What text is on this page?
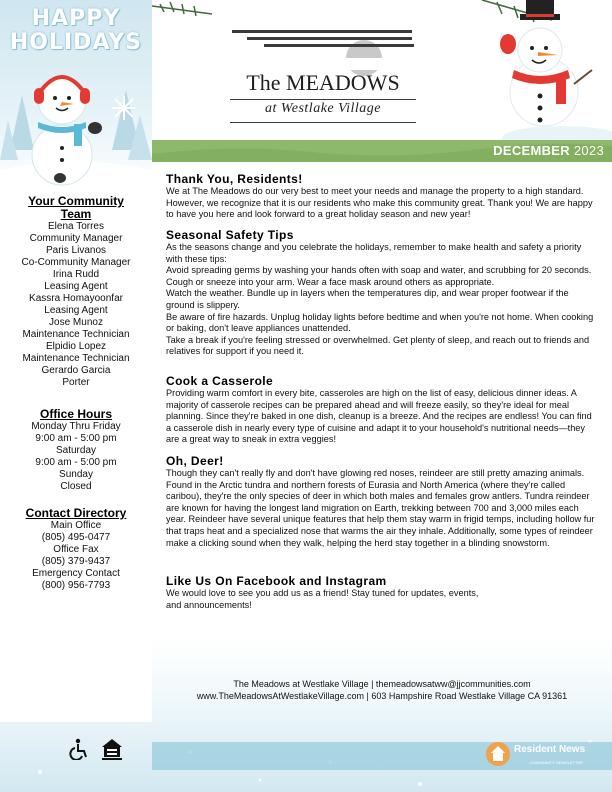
HAPPY
HOLIDAYS
Your Community
Team
Elena Torres
Community Manager
Paris Livanos
Co-Community Manager
Irina Rudd
Leasing Agent
Kassra Homayoonfar
Leasing Agent
Jose Munoz
Maintenance Technician
Elpidio Lopez
Maintenance Technician
Gerardo Garcia
Porter
Office Hours
Monday Thru Friday
9:00 am - 5:00 pm
Saturday
9:00 am - 5:00 pm
Sunday
Closed
Contact Directory
Main Office
(805) 495-0477
Office Fax
(805) 379-9437
Emergency Contact
(800) 956-7793
The MEADOWS
at Westlake Village
DECEMBER 2023
Thank You, Residents!

We at The Meadows do our very best to meet your needs and manage the property to a high standard. However, we recognize that it is our residents who make this community great. Thank you! We are happy to have you here and look forward to a great holiday season and new year!

Seasonal Safety Tips

As the seasons change and you celebrate the holidays, remember to make health and safety a priority with these tips:

Avoid spreading germs by washing your hands often with soap and water, and scrubbing for 20 seconds. Cough or sneeze into your arm. Wear a face mask around others as appropriate.

Watch the weather. Bundle up in layers when the temperatures dip, and wear proper footwear if the ground is slippery.

Be aware of fire hazards. Unplug holiday lights before bedtime and when you're not home. When cooking or baking, don't leave appliances unattended.

Take a break if you're feeling stressed or overwhelmed. Get plenty of sleep, and reach out to friends and relatives for support if you need it.

Cook a Casserole

Providing warm comfort in every bite, casseroles are high on the list of easy, delicious dinner ideas. A majority of casserole recipes can be prepared ahead and will freeze easily, so they're ideal for meal planning. Since they're baked in one dish, cleanup is a breeze. And the recipes are endless! You can find a casserole dish in nearly every type of cuisine and adapt it to your household's nutritional needs—they are a great way to sneak in extra veggies!

Oh, Deer!

Though they can't really fly and don't have glowing red noses, reindeer are still pretty amazing animals. Found in the Arctic tundra and northern forests of Eurasia and North America (where they're called caribou), they're the only species of deer in which both males and females grow antlers. Tundra reindeer are known for having the longest land migration on Earth, trekking between 700 and 3,000 miles each year. Reindeer have several unique features that help them stay warm in frigid temps, including hollow fur that traps heat and a specialized nose that warms the air they inhale. Additionally, some types of reindeer make a clicking sound when they walk, helping the herd stay together in a blinding snowstorm.

Like Us On Facebook and Instagram

We would love to see you add us as a friend! Stay tuned for updates, events,

and announcements!

The Meadows at Westlake Village | themeadowsatww@jjcommunities.com
www.TheMeadowsAtWestlakeVillage.com | 603 Hampshire Road Westlake Village CA 91361
Resident News
COMMUNITY NEWSLETTER
